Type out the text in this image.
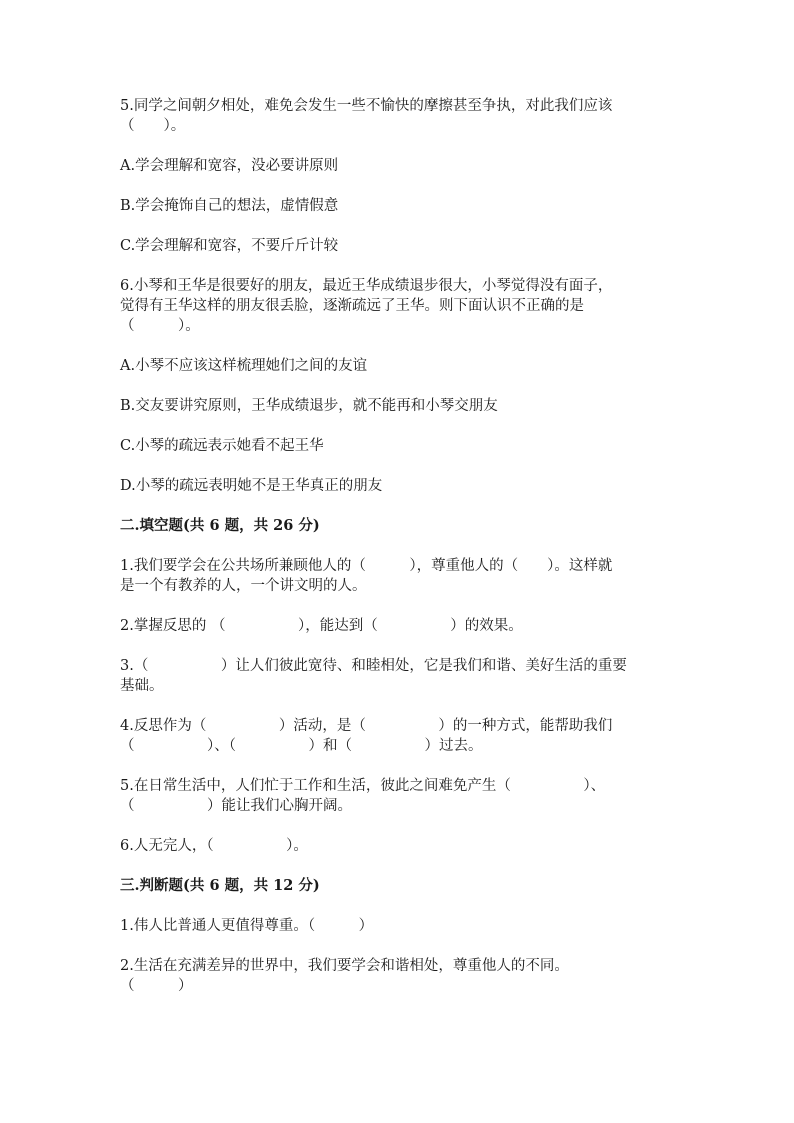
5.同学之间朝夕相处，难免会发生一些不愉快的摩擦甚至争执，对此我们应该

（　　）。

A.学会理解和宽容，没必要讲原则

B.学会掩饰自己的想法，虚情假意

C.学会理解和宽容，不要斤斤计较

6.小琴和王华是很要好的朋友，最近王华成绩退步很大，小琴觉得没有面子，

觉得有王华这样的朋友很丢脸，逐渐疏远了王华。则下面认识不正确的是

（　　　）。

A.小琴不应该这样梳理她们之间的友谊

B.交友要讲究原则，王华成绩退步，就不能再和小琴交朋友

C.小琴的疏远表示她看不起王华

D.小琴的疏远表明她不是王华真正的朋友

二.填空题(共 6 题，共 26 分)

1.我们要学会在公共场所兼顾他人的（　　　），尊重他人的（　　）。这样就

是一个有教养的人，一个讲文明的人。

2.掌握反思的 （　　　　　），能达到（　　　　　）的效果。

3.（　　　　　）让人们彼此宽待、和睦相处，它是我们和谐、美好生活的重要

基础。

4.反思作为（　　　　　）活动，是（　　　　　）的一种方式，能帮助我们

（　　　　　）、（　　　　　）和（　　　　　）过去。

5.在日常生活中，人们忙于工作和生活，彼此之间难免产生（　　　　　）、

（　　　　　）能让我们心胸开阔。

6.人无完人，（　　　　　）。

三.判断题(共 6 题，共 12 分)

1.伟人比普通人更值得尊重。（　　　）

2.生活在充满差异的世界中，我们要学会和谐相处，尊重他人的不同。

（　　　）
